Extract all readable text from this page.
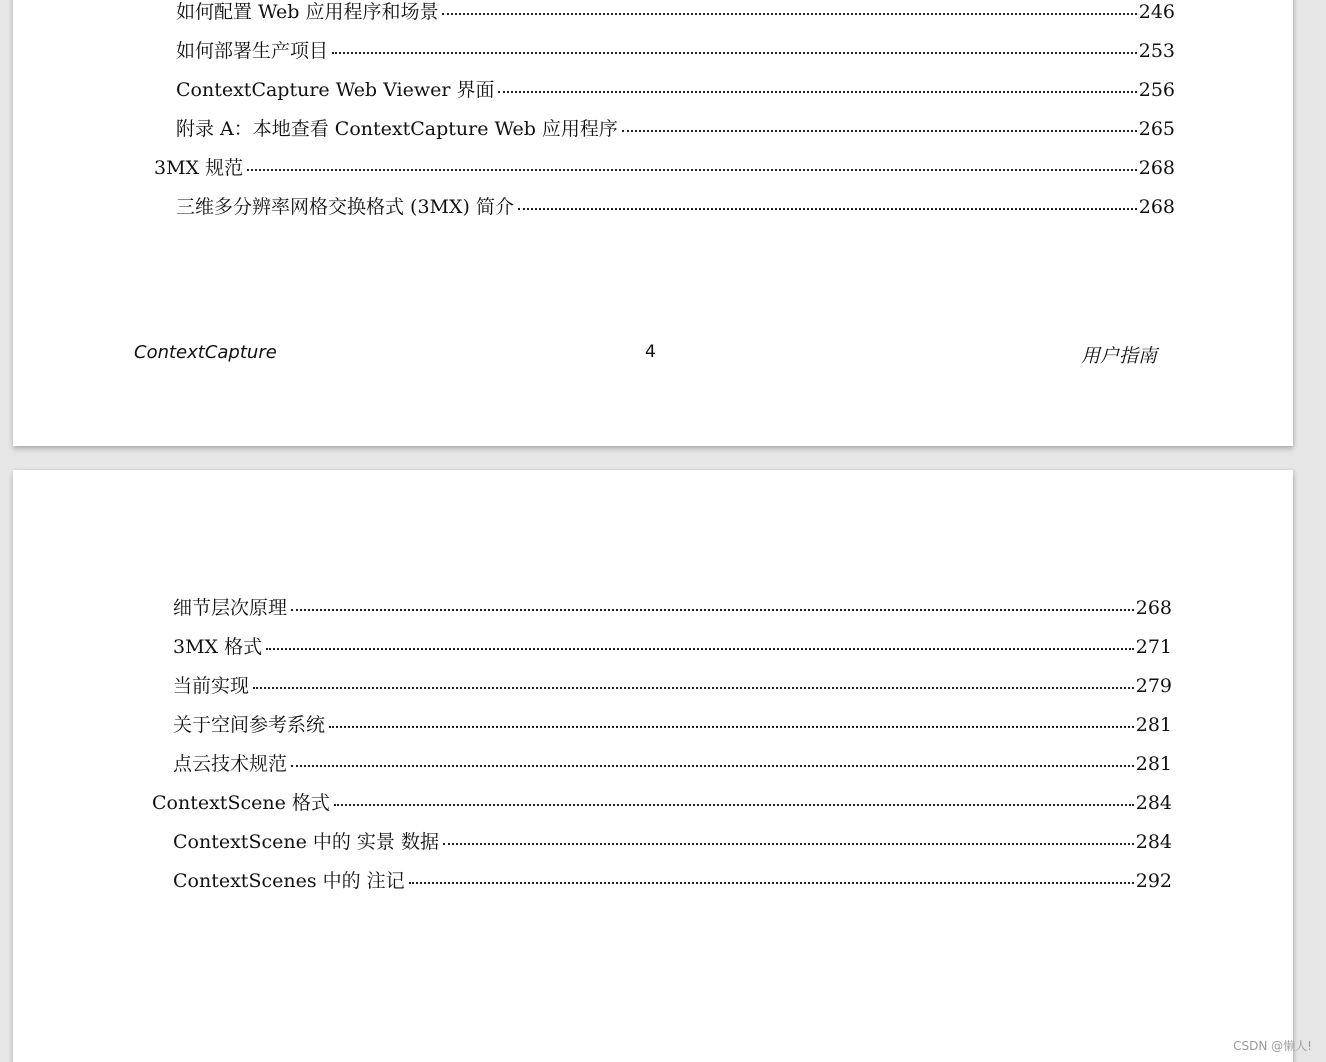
如何配置 Web 应用程序和场景	246
如何部署生产项目	253
ContextCapture Web Viewer 界面	256
附录 A：本地查看 ContextCapture Web 应用程序	265
3MX 规范	268
三维多分辨率网格交换格式 (3MX) 简介	268
ContextCapture	4	用户指南
细节层次原理	268
3MX 格式	271
当前实现	279
关于空间参考系统	281
点云技术规范	281
ContextScene 格式	284
ContextScene 中的 实景 数据	284
ContextScenes 中的 注记	292
CSDN @懒人!
